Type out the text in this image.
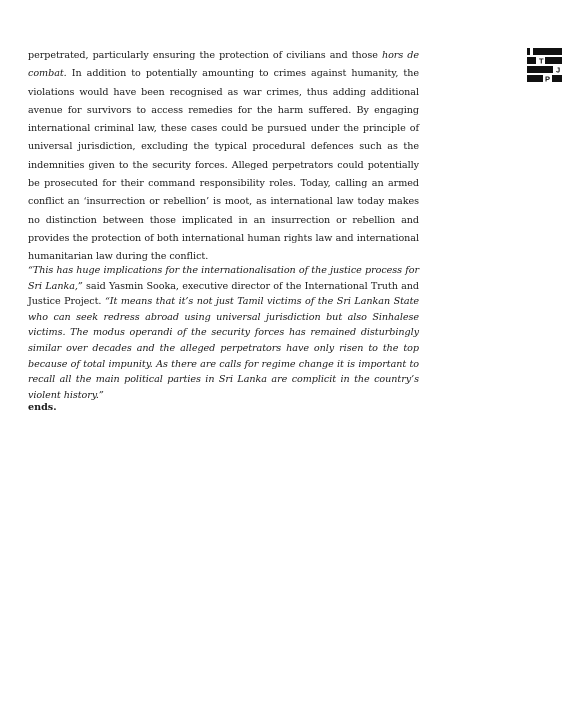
perpetrated, particularly ensuring the protection of civilians and those hors de combat. In addition to potentially amounting to crimes against humanity, the violations would have been recognised as war crimes, thus adding additional avenue for survivors to access remedies for the harm suffered. By engaging international criminal law, these cases could be pursued under the principle of universal jurisdiction, excluding the typical procedural defences such as the indemnities given to the security forces. Alleged perpetrators could potentially be prosecuted for their command responsibility roles. Today, calling an armed conflict an ‘insurrection or rebellion’ is moot, as international law today makes no distinction between those implicated in an insurrection or rebellion and provides the protection of both international human rights law and international humanitarian law during the conflict.

“This has huge implications for the internationalisation of the justice process for Sri Lanka,” said Yasmin Sooka, executive director of the International Truth and Justice Project. “It means that it’s not just Tamil victims of the Sri Lankan State who can seek redress abroad using universal jurisdiction but also Sinhalese victims. The modus operandi of the security forces has remained disturbingly similar over decades and the alleged perpetrators have only risen to the top because of total impunity. As there are calls for regime change it is important to recall all the main political parties in Sri Lanka are complicit in the country’s violent history.”

ends.

T
J
P
